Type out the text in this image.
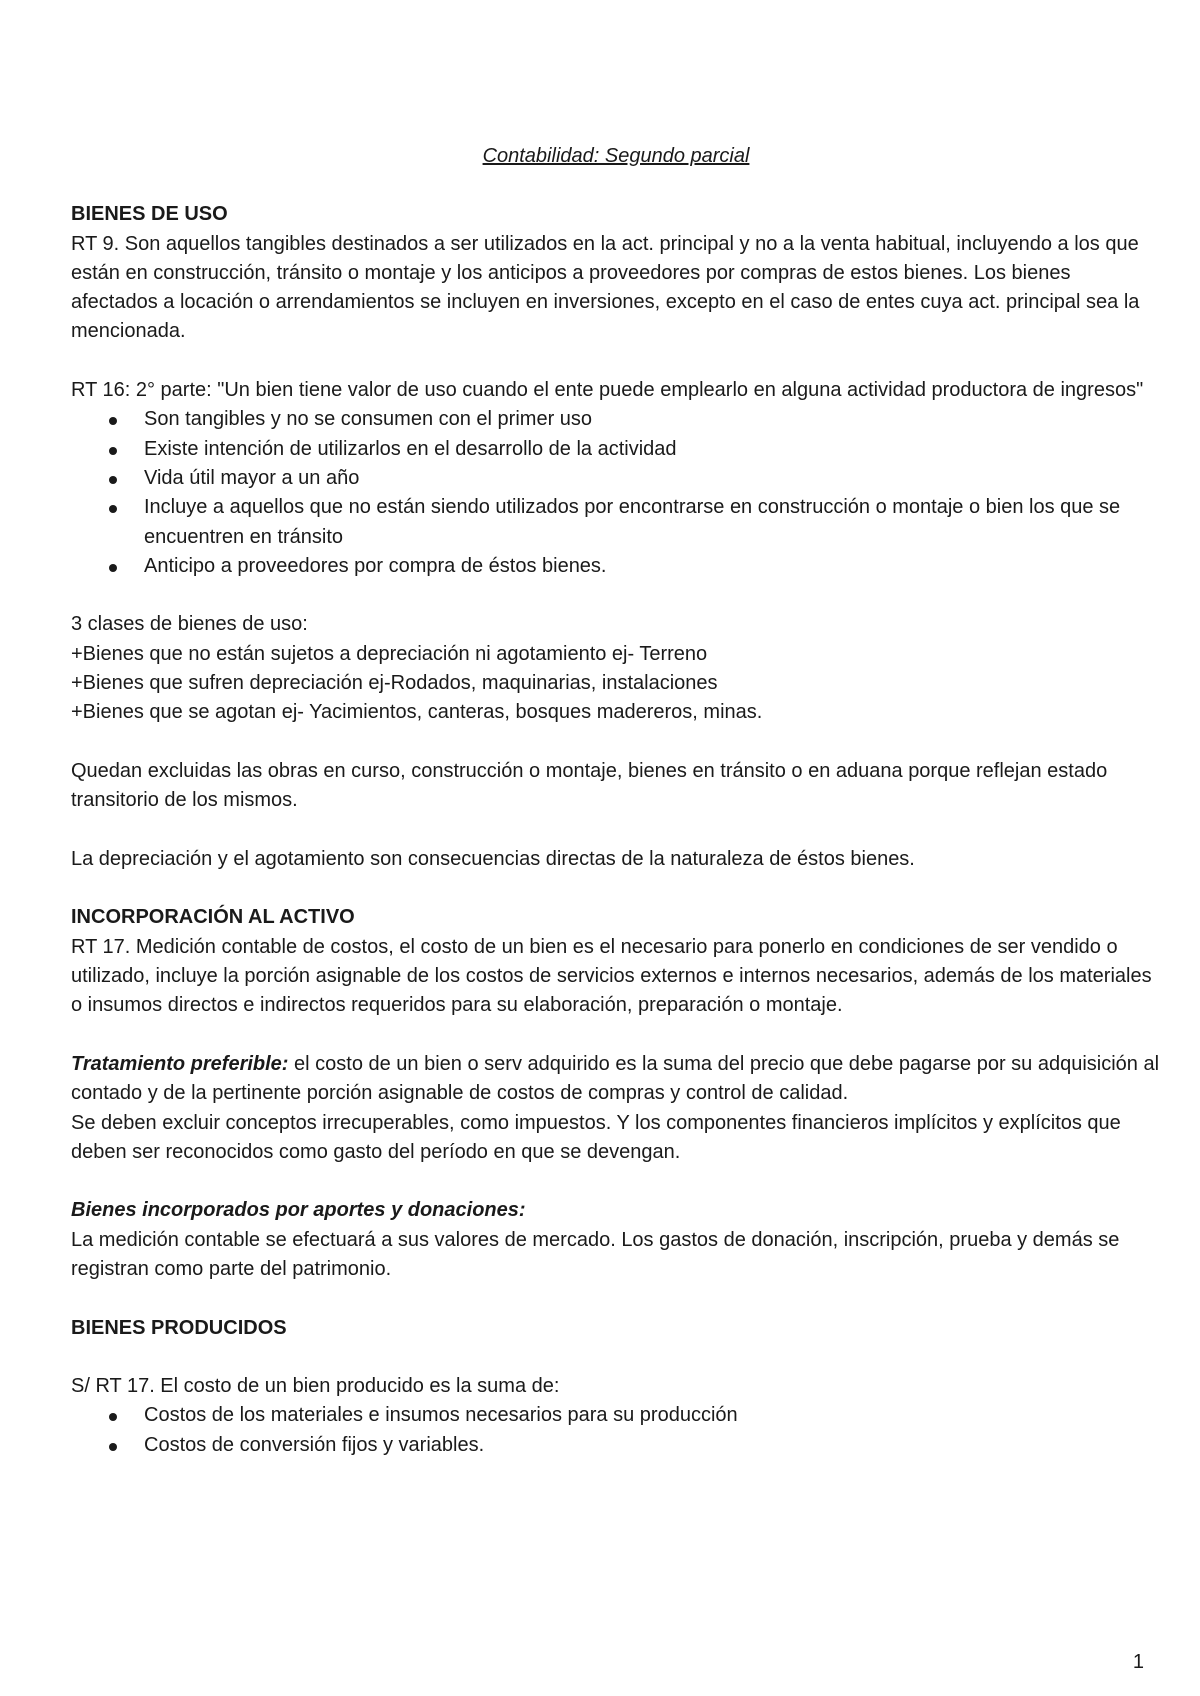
Contabilidad: Segundo parcial

BIENES DE USO

RT 9. Son aquellos tangibles destinados a ser utilizados en la act. principal y no a la venta habitual, incluyendo a los que están en construcción, tránsito o montaje y los anticipos a proveedores por compras de estos bienes. Los bienes afectados a locación o arrendamientos se incluyen en inversiones, excepto en el caso de entes cuya act. principal sea la mencionada.

RT 16: 2° parte: "Un bien tiene valor de uso cuando el ente puede emplearlo en alguna actividad productora de ingresos"

Son tangibles y no se consumen con el primer uso
Existe intención de utilizarlos en el desarrollo de la actividad
Vida útil mayor a un año
Incluye a aquellos que no están siendo utilizados por encontrarse en construcción o montaje o bien los que se encuentren en tránsito
Anticipo a proveedores por compra de éstos bienes.

3 clases de bienes de uso:

+Bienes que no están sujetos a depreciación ni agotamiento ej- Terreno

+Bienes que sufren depreciación ej-Rodados, maquinarias, instalaciones

+Bienes que se agotan ej- Yacimientos, canteras, bosques madereros, minas.

Quedan excluidas las obras en curso, construcción o montaje, bienes en tránsito o en aduana porque reflejan estado transitorio de los mismos.

La depreciación y el agotamiento son consecuencias directas de la naturaleza de éstos bienes.

INCORPORACIÓN AL ACTIVO

RT 17. Medición contable de costos, el costo de un bien es el necesario para ponerlo en condiciones de ser vendido o utilizado, incluye la porción asignable de los costos de servicios externos e internos necesarios, además de los materiales o insumos directos e indirectos requeridos para su elaboración, preparación o montaje.

Tratamiento preferible: el costo de un bien o serv adquirido es la suma del precio que debe pagarse por su adquisición al contado y de la pertinente porción asignable de costos de compras y control de calidad.

Se deben excluir conceptos irrecuperables, como impuestos. Y los componentes financieros implícitos y explícitos que deben ser reconocidos como gasto del período en que se devengan.

Bienes incorporados por aportes y donaciones:

La medición contable se efectuará a sus valores de mercado. Los gastos de donación, inscripción, prueba y demás se registran como parte del patrimonio.

BIENES PRODUCIDOS

S/ RT 17. El costo de un bien producido es la suma de:

Costos de los materiales e insumos necesarios para su producción
Costos de conversión fijos y variables.
1
